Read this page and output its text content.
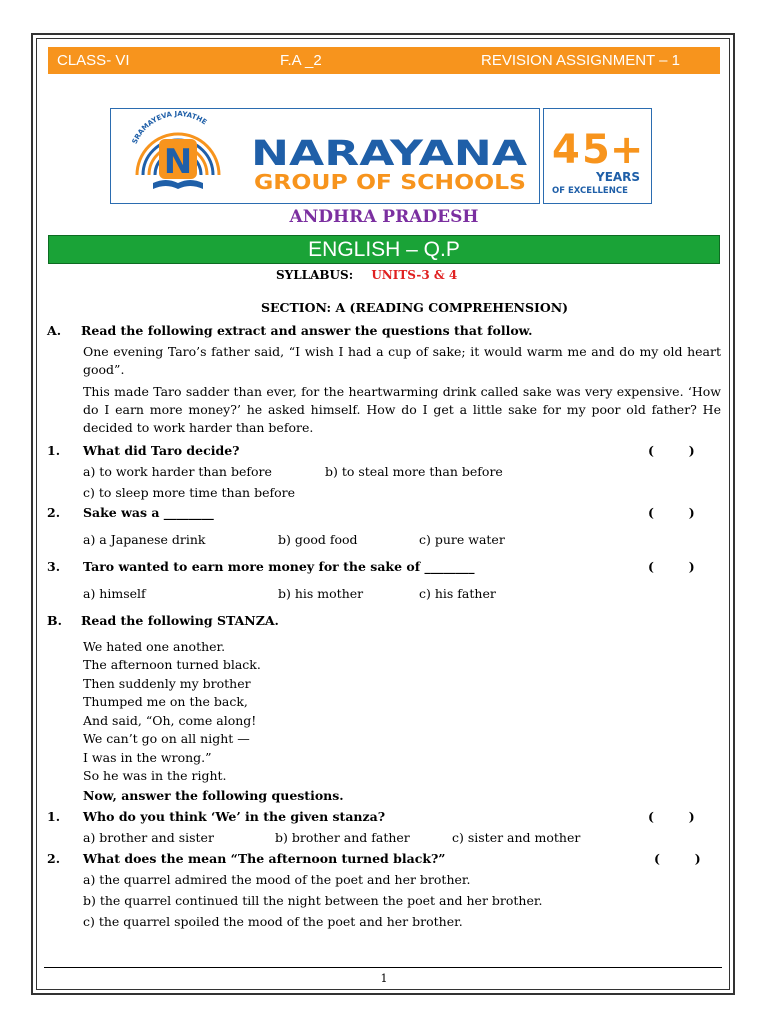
CLASS- VI	F.A _2	REVISION ASSIGNMENT – 1
SRAMAYEVA JAYATHE
N NARAYANA
GROUP OF SCHOOLS
4 5+
YEARS
OF EXCELLENCE
ANDHRA PRADESH
ENGLISH – Q.P
SYLLABUS: UNITS-3 & 4
SECTION: A (READING COMPREHENSION)
A. Read the following extract and answer the questions that follow.
One evening Taro’s father said, “I wish I had a cup of sake; it would warm me and do my old heart good”.
This made Taro sadder than ever, for the heartwarming drink called sake was very expensive. ‘How do I earn more money?’ he asked himself. How do I get a little sake for my poor old father? He decided to work harder than before.
1. What did Taro decide?	(        )
a) to work harder than before	b) to steal more than before
c) to sleep more time than before
2. Sake was a ________	(        )
a) a Japanese drink	b) good food	c) pure water
3. Taro wanted to earn more money for the sake of ________	(        )
a) himself	b) his mother	c) his father
B. Read the following STANZA.
We hated one another.
The afternoon turned black.
Then suddenly my brother
Thumped me on the back,
And said, “Oh, come along!
We can’t go on all night —
I was in the wrong.”
So he was in the right.
Now, answer the following questions.
1. Who do you think ‘We’ in the given stanza?	(        )
a) brother and sister	b) brother and father	c) sister and mother
2. What does the mean “The afternoon turned black?”	(        )
a) the quarrel admired the mood of the poet and her brother.
b) the quarrel continued till the night between the poet and her brother.
c) the quarrel spoiled the mood of the poet and her brother.
1
